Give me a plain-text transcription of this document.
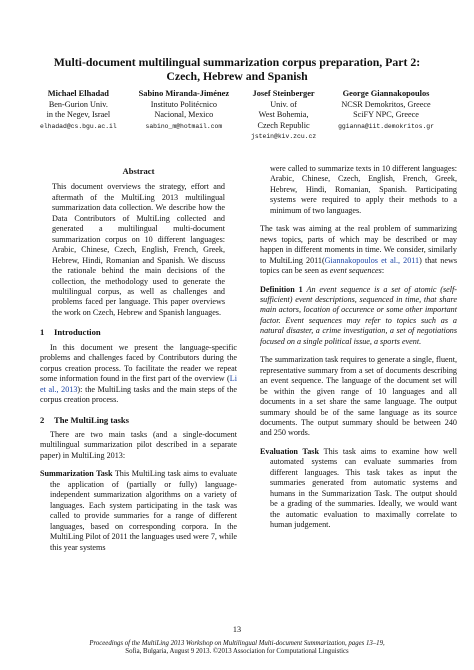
Multi-document multilingual summarization corpus preparation, Part 2:
Czech, Hebrew and Spanish
Michael Elhadad
Ben-Gurion Univ.
in the Negev, Israel
elhadad@cs.bgu.ac.il
Sabino Miranda-Jiménez
Instituto Politécnico
Nacional, Mexico
sabino_m@hotmail.com
Josef Steinberger
Univ. of
West Bohemia,
Czech Republic
jstein@kiv.zcu.cz
George Giannakopoulos
NCSR Demokritos, Greece
SciFY NPC, Greece
ggianna@iit.demokritos.gr
Abstract

This document overviews the strategy, effort and aftermath of the MultiLing 2013 multilingual summarization data collection. We describe how the Data Contributors of MultiLing collected and generated a multilingual multi-document summarization corpus on 10 different languages: Arabic, Chinese, Czech, English, French, Greek, Hebrew, Hindi, Romanian and Spanish. We discuss the rationale behind the main decisions of the collection, the methodology used to generate the multilingual corpus, as well as challenges and problems faced per language. This paper overviews the work on Czech, Hebrew and Spanish languages.

1 Introduction

In this document we present the language-specific problems and challenges faced by Contributors during the corpus creation process. To facilitate the reader we repeat some information found in the first part of the overview (Li et al., 2013): the MultiLing tasks and the main steps of the corpus creation process.

2 The MultiLing tasks

There are two main tasks (and a single-document multilingual summarization pilot described in a separate paper) in MultiLing 2013:

Summarization Task This MultiLing task aims to evaluate the application of (partially or fully) language-independent summarization algorithms on a variety of languages. Each system participating in the task was called to provide summaries for a range of different languages, based on corresponding corpora. In the MultiLing Pilot of 2011 the languages used were 7, while this year systems

were called to summarize texts in 10 different languages: Arabic, Chinese, Czech, English, French, Greek, Hebrew, Hindi, Romanian, Spanish. Participating systems were required to apply their methods to a minimum of two languages.

The task was aiming at the real problem of summarizing news topics, parts of which may be described or may happen in different moments in time. We consider, similarly to MultiLing 2011(Giannakopoulos et al., 2011) that news topics can be seen as event sequences:

Definition 1 An event sequence is a set of atomic (self-sufficient) event descriptions, sequenced in time, that share main actors, location of occurence or some other important factor. Event sequences may refer to topics such as a natural disaster, a crime investigation, a set of negotiations focused on a single political issue, a sports event.

The summarization task requires to generate a single, fluent, representative summary from a set of documents describing an event sequence. The language of the document set will be within the given range of 10 languages and all documents in a set share the same language. The output summary should be of the same language as its source documents. The output summary should be between 240 and 250 words.

Evaluation Task This task aims to examine how well automated systems can evaluate summaries from different languages. This task takes as input the summaries generated from automatic systems and humans in the Summarization Task. The output should be a grading of the summaries. Ideally, we would want the automatic evaluation to maximally correlate to human judgement.

13
Proceedings of the MultiLing 2013 Workshop on Multilingual Multi-document Summarization, pages 13–19,
Sofia, Bulgaria, August 9 2013. ©2013 Association for Computational Linguistics
